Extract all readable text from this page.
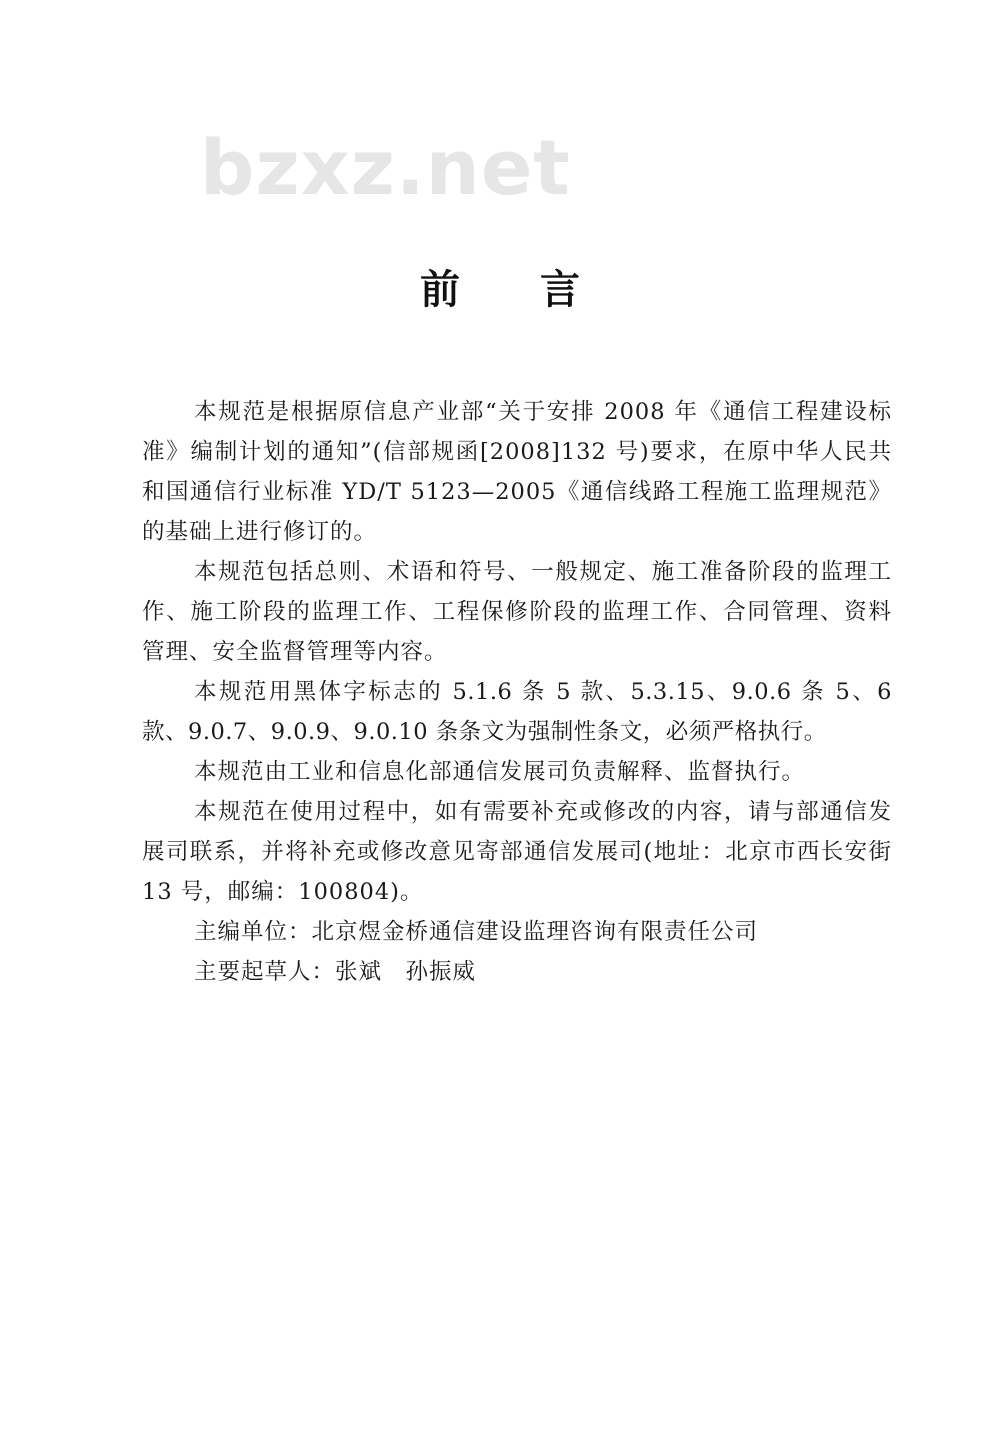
bzxz.net
前言

本规范是根据原信息产业部“关于安排 2008 年《通信工程建设标准》编制计划的通知”(信部规函[2008]132 号)要求，在原中华人民共和国通信行业标准 YD/T 5123—2005《通信线路工程施工监理规范》的基础上进行修订的。

本规范包括总则、术语和符号、一般规定、施工准备阶段的监理工作、施工阶段的监理工作、工程保修阶段的监理工作、合同管理、资料管理、安全监督管理等内容。

本规范用黑体字标志的 5.1.6 条 5 款、5.3.15、9.0.6 条 5、6 款、9.0.7、9.0.9、9.0.10 条条文为强制性条文，必须严格执行。

本规范由工业和信息化部通信发展司负责解释、监督执行。

本规范在使用过程中，如有需要补充或修改的内容，请与部通信发展司联系，并将补充或修改意见寄部通信发展司(地址：北京市西长安街 13 号，邮编：100804)。

主编单位：北京煜金桥通信建设监理咨询有限责任公司

主要起草人：张斌　孙振威
